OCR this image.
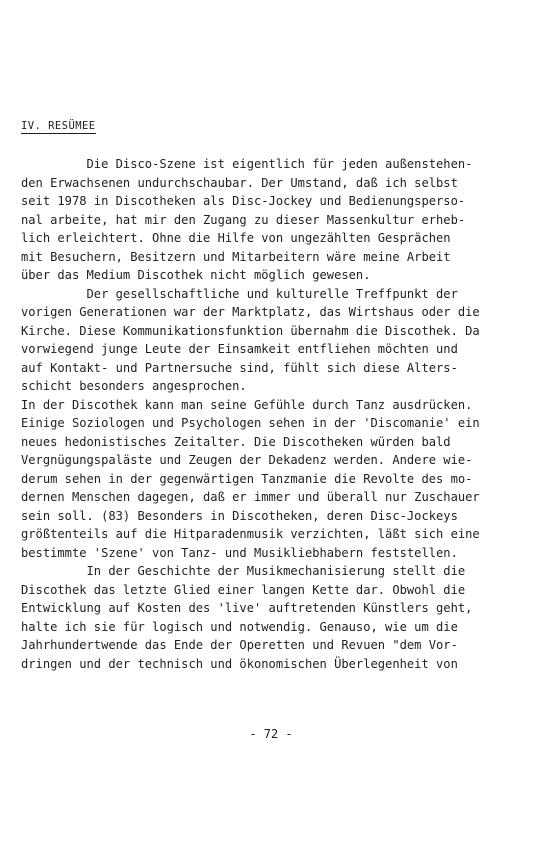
IV. RESÜMEE
Die Disco-Szene ist eigentlich für jeden außenstehen-
den Erwachsenen undurchschaubar. Der Umstand, daß ich selbst
seit 1978 in Discotheken als Disc-Jockey und Bedienungsperso-
nal arbeite, hat mir den Zugang zu dieser Massenkultur erheb-
lich erleichtert. Ohne die Hilfe von ungezählten Gesprächen
mit Besuchern, Besitzern und Mitarbeitern wäre meine Arbeit
über das Medium Discothek nicht möglich gewesen.
Der gesellschaftliche und kulturelle Treffpunkt der
vorigen Generationen war der Marktplatz, das Wirtshaus oder die
Kirche. Diese Kommunikationsfunktion übernahm die Discothek. Da
vorwiegend junge Leute der Einsamkeit entfliehen möchten und
auf Kontakt- und Partnersuche sind, fühlt sich diese Alters-
schicht besonders angesprochen.
In der Discothek kann man seine Gefühle durch Tanz ausdrücken.
Einige Soziologen und Psychologen sehen in der 'Discomanie' ein
neues hedonistisches Zeitalter. Die Discotheken würden bald
Vergnügungspaläste und Zeugen der Dekadenz werden. Andere wie-
derum sehen in der gegenwärtigen Tanzmanie die Revolte des mo-
dernen Menschen dagegen, daß er immer und überall nur Zuschauer
sein soll. (83) Besonders in Discotheken, deren Disc-Jockeys
größtenteils auf die Hitparadenmusik verzichten, läßt sich eine
bestimmte 'Szene' von Tanz- und Musikliebhabern feststellen.
In der Geschichte der Musikmechanisierung stellt die
Discothek das letzte Glied einer langen Kette dar. Obwohl die
Entwicklung auf Kosten des 'live' auftretenden Künstlers geht,
halte ich sie für logisch und notwendig. Genauso, wie um die
Jahrhundertwende das Ende der Operetten und Revuen "dem Vor-
dringen und der technisch und ökonomischen Überlegenheit von
- 72 -
